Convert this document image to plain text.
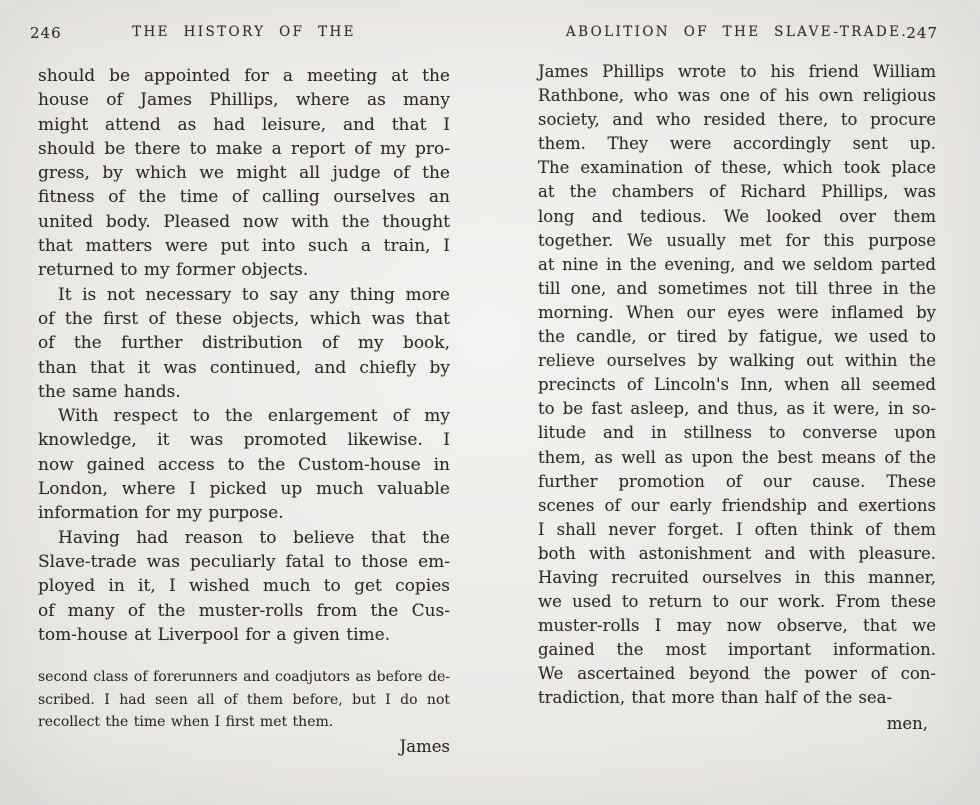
246	THE HISTORY OF THE
should be appointed for a meeting at the
house of James Phillips, where as many
might attend as had leisure, and that I
should be there to make a report of my pro-
gress, by which we might all judge of the
fitness of the time of calling ourselves an
united body. Pleased now with the thought
that matters were put into such a train, I
returned to my former objects.
It is not necessary to say any thing more
of the first of these objects, which was that
of the further distribution of my book,
than that it was continued, and chiefly by
the same hands.
With respect to the enlargement of my
knowledge, it was promoted likewise. I
now gained access to the Custom-house in
London, where I picked up much valuable
information for my purpose.
Having had reason to believe that the
Slave-trade was peculiarly fatal to those em-
ployed in it, I wished much to get copies
of many of the muster-rolls from the Cus-
tom-house at Liverpool for a given time.
second class of forerunners and coadjutors as before de-
scribed. I had seen all of them before, but I do not
recollect the time when I first met them.
James
ABOLITION OF THE SLAVE-TRADE.
247
James Phillips wrote to his friend William
Rathbone, who was one of his own religious
society, and who resided there, to procure
them. They were accordingly sent up.
The examination of these, which took place
at the chambers of Richard Phillips, was
long and tedious. We looked over them
together. We usually met for this purpose
at nine in the evening, and we seldom parted
till one, and sometimes not till three in the
morning. When our eyes were inflamed by
the candle, or tired by fatigue, we used to
relieve ourselves by walking out within the
precincts of Lincoln's Inn, when all seemed
to be fast asleep, and thus, as it were, in so-
litude and in stillness to converse upon
them, as well as upon the best means of the
further promotion of our cause. These
scenes of our early friendship and exertions
I shall never forget. I often think of them
both with astonishment and with pleasure.
Having recruited ourselves in this manner,
we used to return to our work. From these
muster-rolls I may now observe, that we
gained the most important information.
We ascertained beyond the power of con-
tradiction, that more than half of the sea-
men,
